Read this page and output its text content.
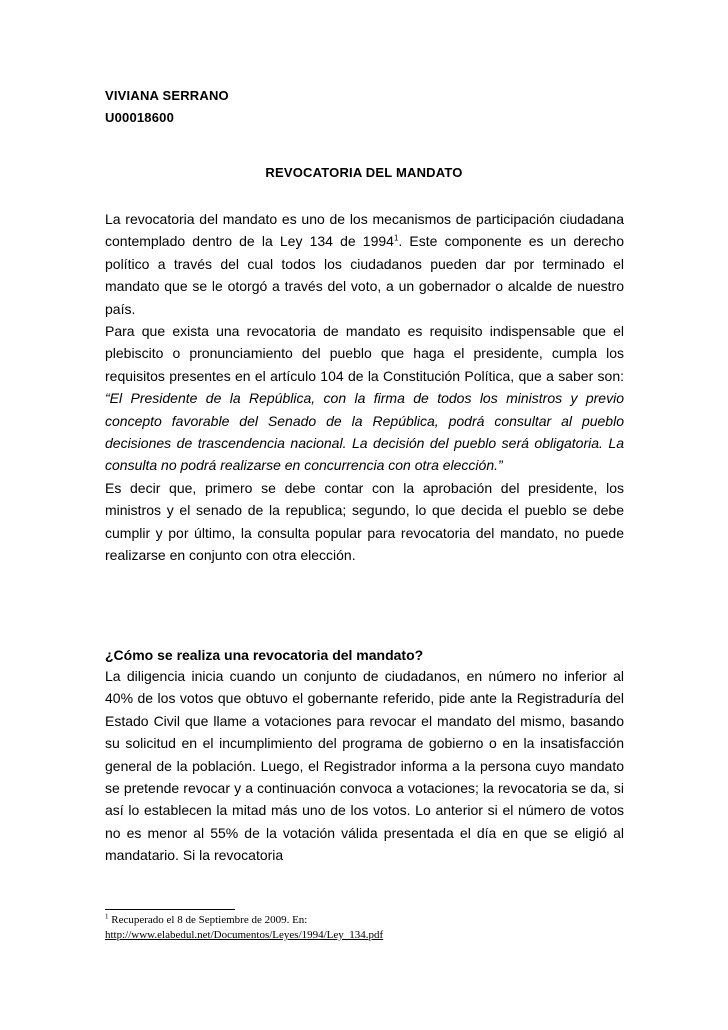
VIVIANA SERRANO
U00018600
REVOCATORIA DEL MANDATO

La revocatoria del mandato es uno de los mecanismos de participación ciudadana contemplado dentro de la Ley 134 de 1994$^1$. Este componente es un derecho político a través del cual todos los ciudadanos pueden dar por terminado el mandato que se le otorgó a través del voto, a un gobernador o alcalde de nuestro país.

Para que exista una revocatoria de mandato es requisito indispensable que el plebiscito o pronunciamiento del pueblo que haga el presidente, cumpla los requisitos presentes en el artículo 104 de la Constitución Política, que a saber son: “El Presidente de la República, con la firma de todos los ministros y previo concepto favorable del Senado de la República, podrá consultar al pueblo decisiones de trascendencia nacional. La decisión del pueblo será obligatoria. La consulta no podrá realizarse en concurrencia con otra elección.”

Es decir que, primero se debe contar con la aprobación del presidente, los ministros y el senado de la republica; segundo, lo que decida el pueblo se debe cumplir y por último, la consulta popular para revocatoria del mandato, no puede realizarse en conjunto con otra elección.

¿Cómo se realiza una revocatoria del mandato?

La diligencia inicia cuando un conjunto de ciudadanos, en número no inferior al 40% de los votos que obtuvo el gobernante referido, pide ante la Registraduría del Estado Civil que llame a votaciones para revocar el mandato del mismo, basando su solicitud en el incumplimiento del programa de gobierno o en la insatisfacción general de la población. Luego, el Registrador informa a la persona cuyo mandato se pretende revocar y a continuación convoca a votaciones; la revocatoria se da, si así lo establecen la mitad más uno de los votos. Lo anterior si el número de votos no es menor al 55% de la votación válida presentada el día en que se eligió al mandatario. Si la revocatoria

$^1$ Recuperado el 8 de Septiembre de 2009. En:
http://www.elabedul.net/Documentos/Leyes/1994/Ley_134.pdf
